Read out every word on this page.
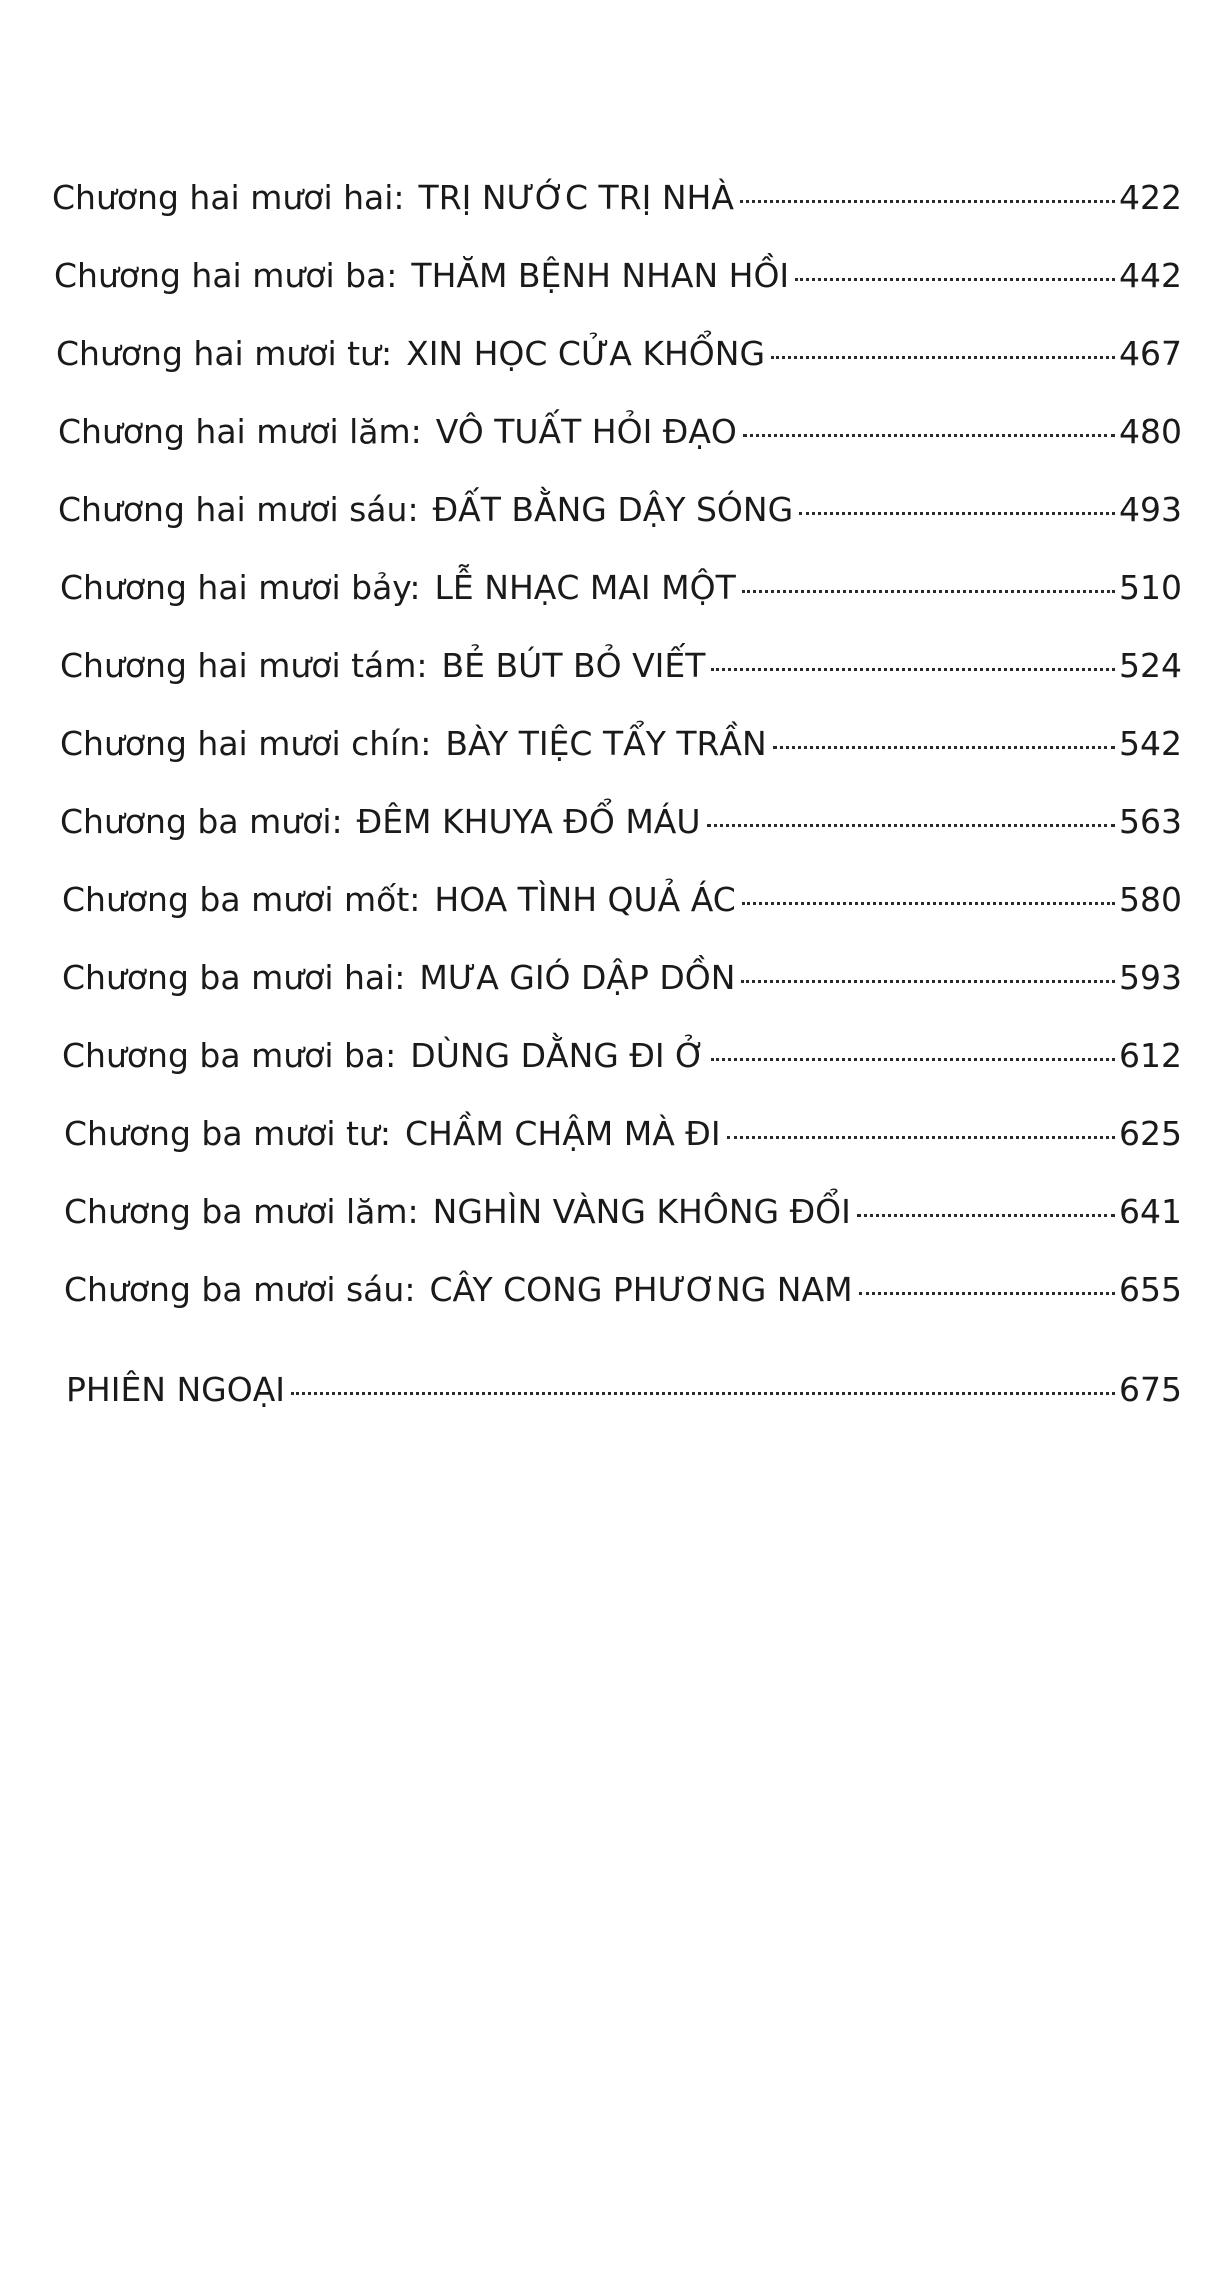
Chương hai mươi hai: TRỊ NƯỚC TRỊ NHÀ	422
Chương hai mươi ba: THĂM BỆNH NHAN HỒI	442
Chương hai mươi tư: XIN HỌC CỬA KHỔNG	467
Chương hai mươi lăm: VÔ TUẤT HỎI ĐẠO	480
Chương hai mươi sáu: ĐẤT BẰNG DẬY SÓNG	493
Chương hai mươi bảy: LỄ NHẠC MAI MỘT	510
Chương hai mươi tám: BẺ BÚT BỎ VIẾT	524
Chương hai mươi chín: BÀY TIỆC TẨY TRẦN	542
Chương ba mươi: ĐÊM KHUYA ĐỔ MÁU	563
Chương ba mươi mốt: HOA TÌNH QUẢ ÁC	580
Chương ba mươi hai: MƯA GIÓ DẬP DỒN	593
Chương ba mươi ba: DÙNG DẰNG ĐI Ở	612
Chương ba mươi tư: CHẦM CHẬM MÀ ĐI	625
Chương ba mươi lăm: NGHÌN VÀNG KHÔNG ĐỔI	641
Chương ba mươi sáu: CÂY CONG PHƯƠNG NAM	655
PHIÊN NGOẠI	675
